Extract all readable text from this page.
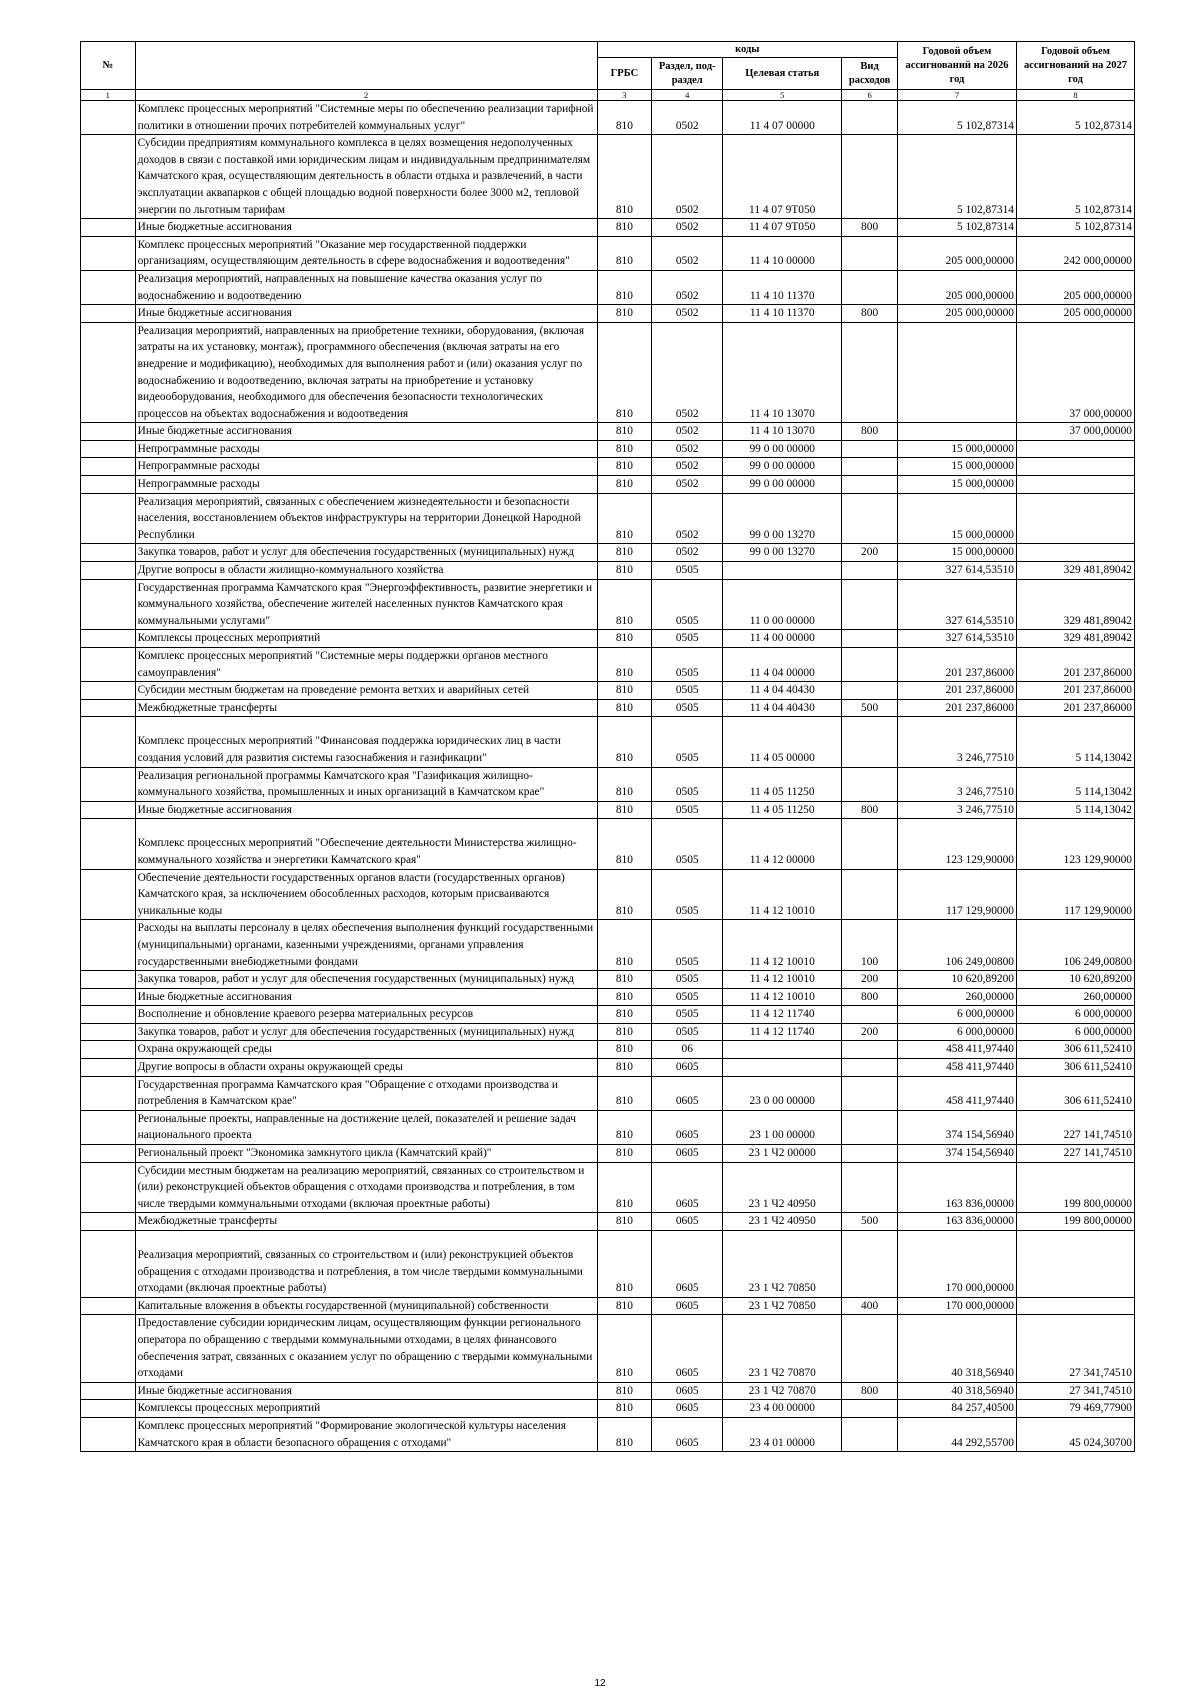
№		коды				Годовой объем ассигнований на 2026 год	Годовой объем ассигнований на 2027 год
		ГРБС	Раздел, под-раздел	Целевая статья	Вид расходов		
1	2	3	4	5	6	7	8
	Комплекс процессных мероприятий "Системные меры по обеспечению реализации тарифной политики в отношении прочих потребителей коммунальных услуг"	810	0502	11 4 07 00000		5 102,87314	5 102,87314
	Субсидии предприятиям коммунального комплекса в целях возмещения недополученных доходов в связи с поставкой ими юридическим лицам и индивидуальным предпринимателям Камчатского края, осуществляющим деятельность в области отдыха и развлечений, в части эксплуатации аквапарков с общей площадью водной поверхности более 3000 м2, тепловой энергии по льготным тарифам	810	0502	11 4 07 9Т050		5 102,87314	5 102,87314
	Иные бюджетные ассигнования	810	0502	11 4 07 9Т050	800	5 102,87314	5 102,87314
	Комплекс процессных мероприятий "Оказание мер государственной поддержки организациям, осуществляющим деятельность в сфере водоснабжения и водоотведения"	810	0502	11 4 10 00000		205 000,00000	242 000,00000
	Реализация мероприятий, направленных на повышение качества оказания услуг по водоснабжению и водоотведению	810	0502	11 4 10 11370		205 000,00000	205 000,00000
	Иные бюджетные ассигнования	810	0502	11 4 10 11370	800	205 000,00000	205 000,00000
	Реализация мероприятий, направленных на приобретение техники, оборудования, (включая затраты на их установку, монтаж), программного обеспечения (включая затраты на его внедрение и модификацию), необходимых для выполнения работ и (или) оказания услуг по водоснабжению и водоотведению, включая затраты на приобретение и установку видеооборудования, необходимого для обеспечения безопасности технологических процессов на объектах водоснабжения и водоотведения	810	0502	11 4 10 13070			37 000,00000
	Иные бюджетные ассигнования	810	0502	11 4 10 13070	800		37 000,00000
	Непрограммные расходы	810	0502	99 0 00 00000		15 000,00000	
	Непрограммные расходы	810	0502	99 0 00 00000		15 000,00000	
	Непрограммные расходы	810	0502	99 0 00 00000		15 000,00000	
	Реализация мероприятий, связанных с обеспечением жизнедеятельности и безопасности населения, восстановлением объектов инфраструктуры на территории Донецкой Народной Республики	810	0502	99 0 00 13270		15 000,00000	
	Закупка товаров, работ и услуг для обеспечения государственных (муниципальных) нужд	810	0502	99 0 00 13270	200	15 000,00000	
	Другие вопросы в области жилищно-коммунального хозяйства	810	0505			327 614,53510	329 481,89042
	Государственная программа Камчатского края "Энергоэффективность, развитие энергетики и коммунального хозяйства, обеспечение жителей населенных пунктов Камчатского края коммунальными услугами"	810	0505	11 0 00 00000		327 614,53510	329 481,89042
	Комплексы процессных мероприятий	810	0505	11 4 00 00000		327 614,53510	329 481,89042
	Комплекс процессных мероприятий "Системные меры поддержки органов местного самоуправления"	810	0505	11 4 04 00000		201 237,86000	201 237,86000
	Субсидии местным бюджетам на проведение ремонта ветхих и аварийных сетей	810	0505	11 4 04 40430		201 237,86000	201 237,86000
	Межбюджетные трансферты	810	0505	11 4 04 40430	500	201 237,86000	201 237,86000
	Комплекс процессных мероприятий "Финансовая поддержка юридических лиц в части создания условий для развития системы газоснабжения и газификации"	810	0505	11 4 05 00000		3 246,77510	5 114,13042
	Реализация региональной программы Камчатского края "Газификация жилищно-коммунального хозяйства, промышленных и иных организаций в Камчатском крае"	810	0505	11 4 05 11250		3 246,77510	5 114,13042
	Иные бюджетные ассигнования	810	0505	11 4 05 11250	800	3 246,77510	5 114,13042
	Комплекс процессных мероприятий "Обеспечение деятельности Министерства жилищно-коммунального хозяйства и энергетики Камчатского края"	810	0505	11 4 12 00000		123 129,90000	123 129,90000
	Обеспечение деятельности государственных органов власти (государственных органов) Камчатского края, за исключением обособленных расходов, которым присваиваются уникальные коды	810	0505	11 4 12 10010		117 129,90000	117 129,90000
	Расходы на выплаты персоналу в целях обеспечения выполнения функций государственными (муниципальными) органами, казенными учреждениями, органами управления государственными внебюджетными фондами	810	0505	11 4 12 10010	100	106 249,00800	106 249,00800
	Закупка товаров, работ и услуг для обеспечения государственных (муниципальных) нужд	810	0505	11 4 12 10010	200	10 620,89200	10 620,89200
	Иные бюджетные ассигнования	810	0505	11 4 12 10010	800	260,00000	260,00000
	Восполнение и обновление краевого резерва материальных ресурсов	810	0505	11 4 12 11740		6 000,00000	6 000,00000
	Закупка товаров, работ и услуг для обеспечения государственных (муниципальных) нужд	810	0505	11 4 12 11740	200	6 000,00000	6 000,00000
	Охрана окружающей среды	810	06			458 411,97440	306 611,52410
	Другие вопросы в области охраны окружающей среды	810	0605			458 411,97440	306 611,52410
	Государственная программа Камчатского края "Обращение с отходами производства и потребления в Камчатском крае"	810	0605	23 0 00 00000		458 411,97440	306 611,52410
	Региональные проекты, направленные на достижение целей, показателей и решение задач национального проекта	810	0605	23 1 00 00000		374 154,56940	227 141,74510
	Региональный проект "Экономика замкнутого цикла (Камчатский край)"	810	0605	23 1 Ч2 00000		374 154,56940	227 141,74510
	Субсидии местным бюджетам на реализацию мероприятий, связанных со строительством и (или) реконструкцией объектов обращения с отходами производства и потребления, в том числе твердыми коммунальными отходами (включая проектные работы)	810	0605	23 1 Ч2 40950		163 836,00000	199 800,00000
	Межбюджетные трансферты	810	0605	23 1 Ч2 40950	500	163 836,00000	199 800,00000
	Реализация мероприятий, связанных со строительством и (или) реконструкцией объектов обращения с отходами производства и потребления, в том числе твердыми коммунальными отходами (включая проектные работы)	810	0605	23 1 Ч2 70850		170 000,00000	
	Капитальные вложения в объекты государственной (муниципальной) собственности	810	0605	23 1 Ч2 70850	400	170 000,00000	
	Предоставление субсидии юридическим лицам, осуществляющим функции регионального оператора по обращению с твердыми коммунальными отходами, в целях финансового обеспечения затрат, связанных с оказанием услуг по обращению с твердыми коммунальными отходами	810	0605	23 1 Ч2 70870		40 318,56940	27 341,74510
	Иные бюджетные ассигнования	810	0605	23 1 Ч2 70870	800	40 318,56940	27 341,74510
	Комплексы процессных мероприятий	810	0605	23 4 00 00000		84 257,40500	79 469,77900
	Комплекс процессных мероприятий "Формирование экологической культуры населения Камчатского края в области безопасного обращения с отходами"	810	0605	23 4 01 00000		44 292,55700	45 024,30700
12
